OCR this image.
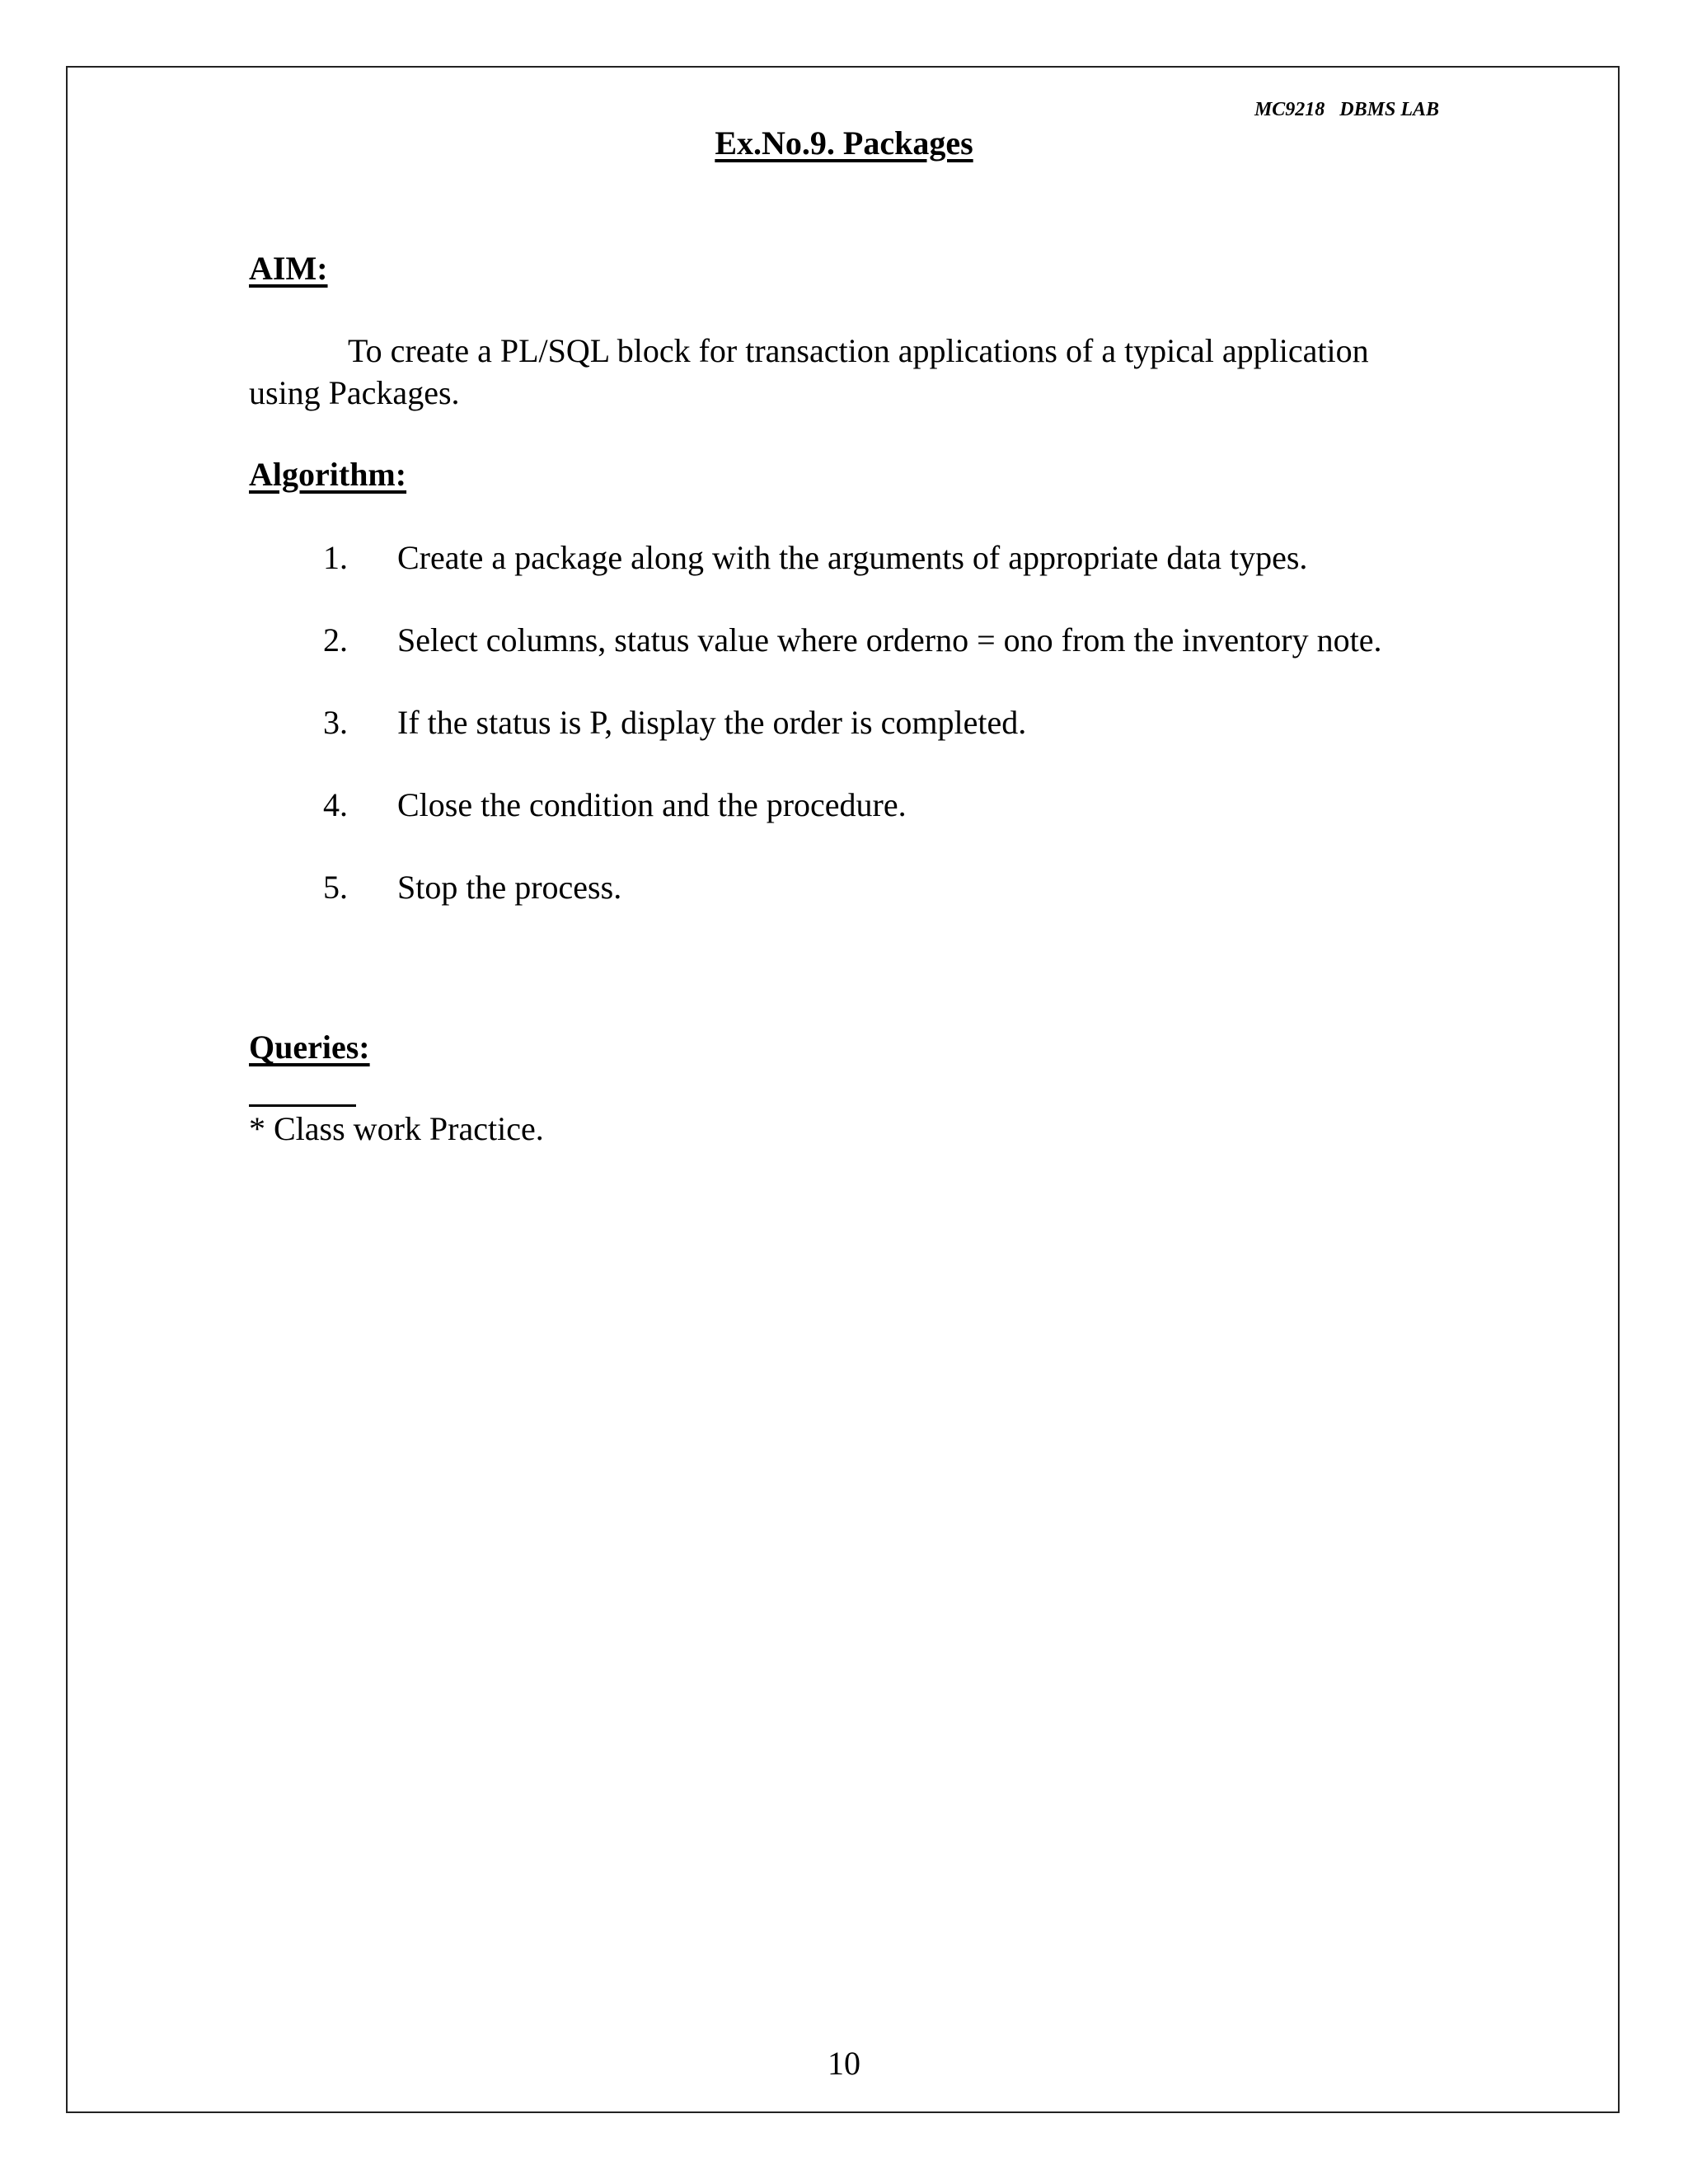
MC9218   DBMS LAB
Ex.No.9. Packages
AIM:
To create a PL/SQL block for transaction applications of a typical application using Packages.
Algorithm:
1.	Create a package along with the arguments of appropriate data types.
2.	Select columns, status value where orderno = ono from the inventory note.
3.	If the status is P, display the order is completed.
4.	Close the condition and the procedure.
5.	Stop the process.
Queries:
* Class work Practice.
10
